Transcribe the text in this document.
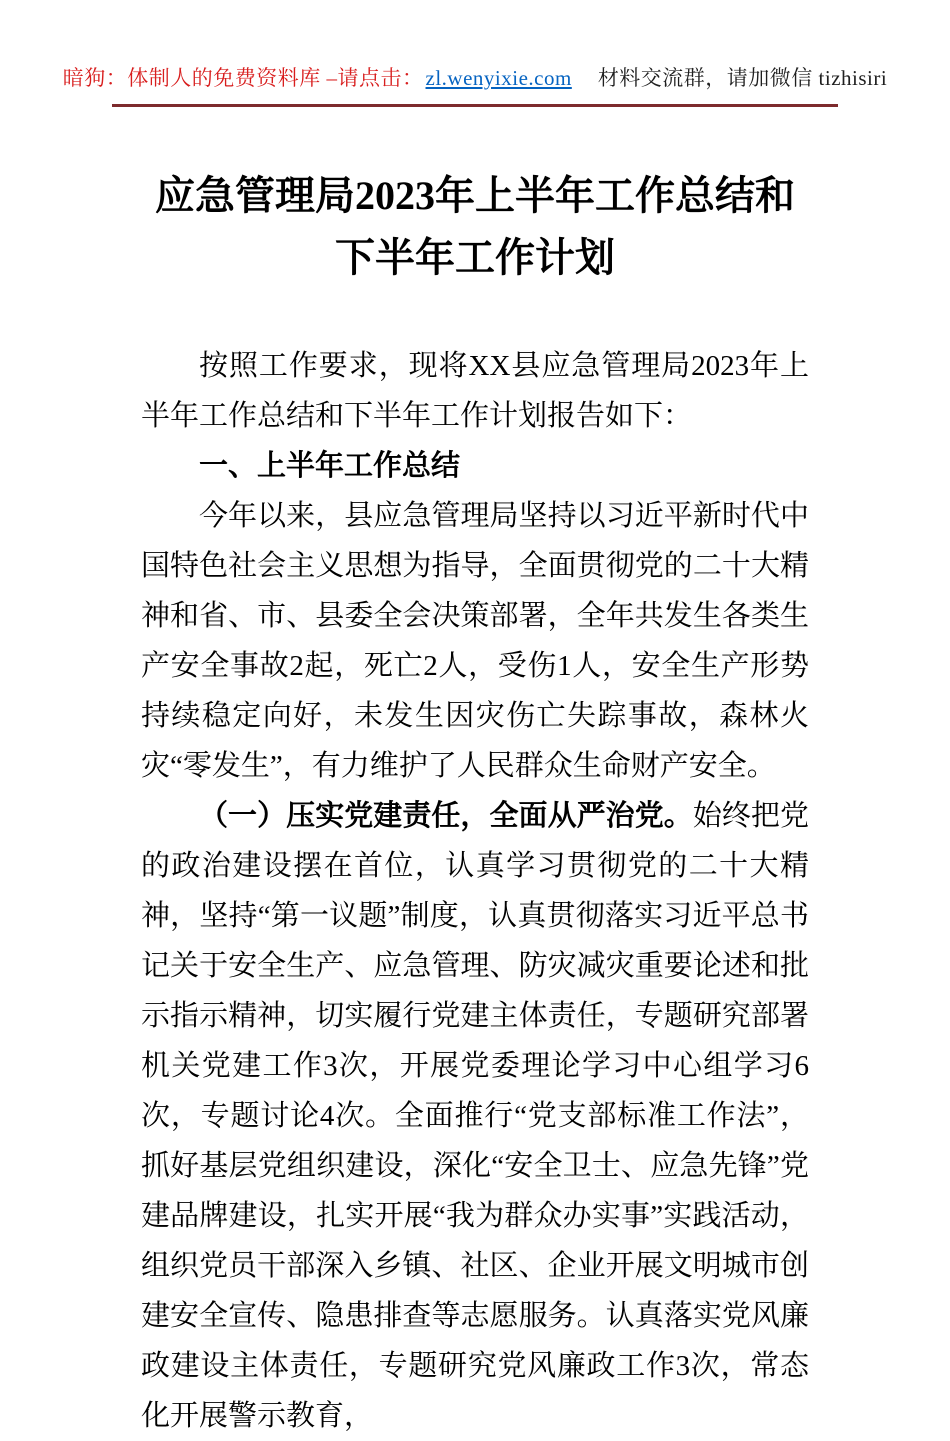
暗狗：体制人的免费资料库 –请点击：zl.wenyixie.com 材料交流群，请加微信 tizhisiri
应急管理局2023年上半年工作总结和下半年工作计划

按照工作要求，现将XX县应急管理局2023年上半年工作总结和下半年工作计划报告如下：

一、上半年工作总结

今年以来，县应急管理局坚持以习近平新时代中国特色社会主义思想为指导，全面贯彻党的二十大精神和省、市、县委全会决策部署，全年共发生各类生产安全事故2起，死亡2人，受伤1人，安全生产形势持续稳定向好，未发生因灾伤亡失踪事故，森林火灾“零发生”，有力维护了人民群众生命财产安全。

（一）压实党建责任，全面从严治党。始终把党的政治建设摆在首位，认真学习贯彻党的二十大精神，坚持“第一议题”制度，认真贯彻落实习近平总书记关于安全生产、应急管理、防灾减灾重要论述和批示指示精神，切实履行党建主体责任，专题研究部署机关党建工作3次，开展党委理论学习中心组学习6次，专题讨论4次。全面推行“党支部标准工作法”，抓好基层党组织建设，深化“安全卫士、应急先锋”党建品牌建设，扎实开展“我为群众办实事”实践活动，组织党员干部深入乡镇、社区、企业开展文明城市创建安全宣传、隐患排查等志愿服务。认真落实党风廉政建设主体责任，专题研究党风廉政工作3次，常态化开展警示教育，
